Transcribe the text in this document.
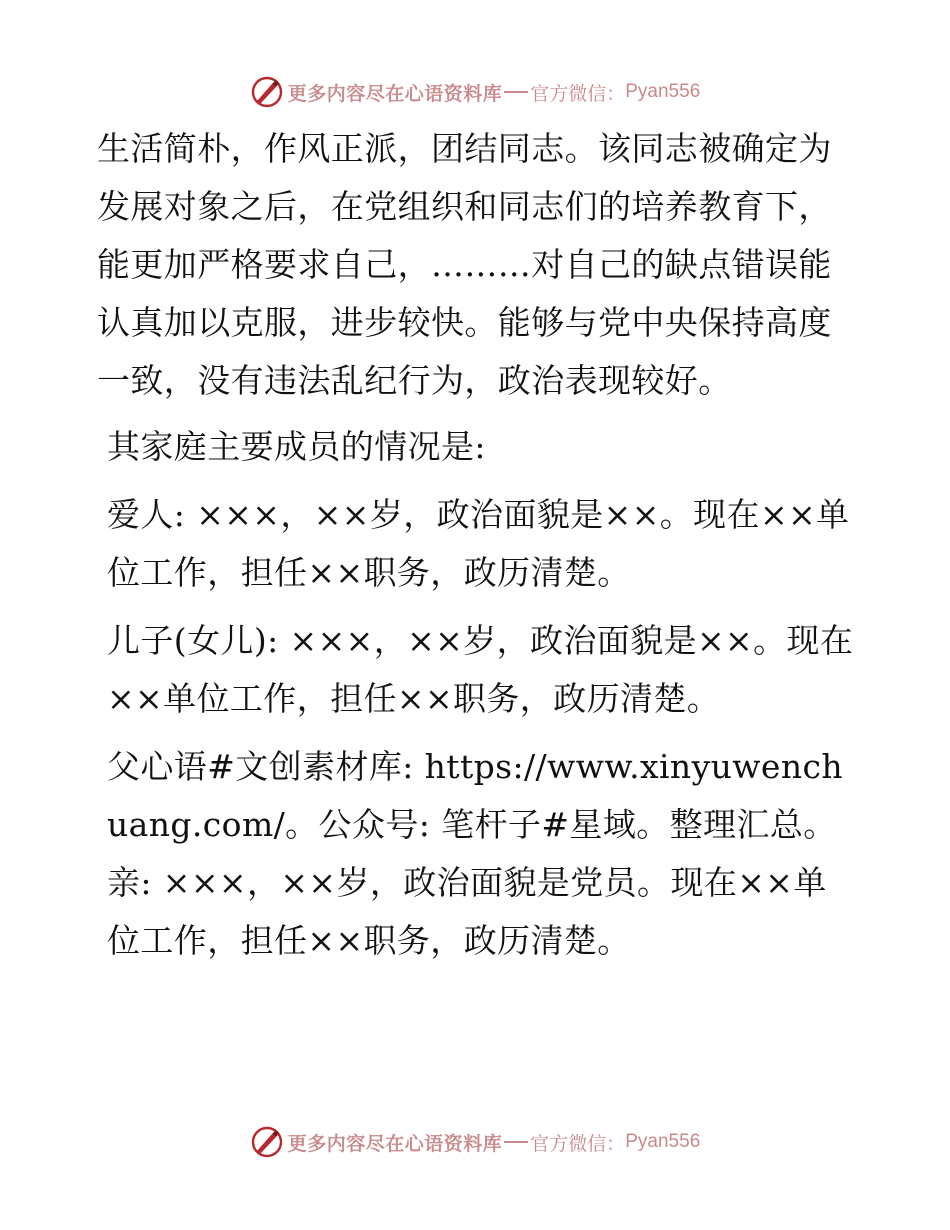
更多内容尽在心语资料库 官方微信： Pyan556

生活简朴，作风正派，团结同志。该同志被确定为发展对象之后，在党组织和同志们的培养教育下，能更加严格要求自己，………对自己的缺点错误能认真加以克服，进步较快。能够与党中央保持高度一致，没有违法乱纪行为，政治表现较好。

其家庭主要成员的情况是:

爱人: ×××，××岁，政治面貌是××。现在××单位工作，担任××职务，政历清楚。

儿子(女儿): ×××，××岁，政治面貌是××。现在××单位工作，担任××职务，政历清楚。

父心语#文创素材库: https://www.xinyuwenchuang.com/。公众号: 笔杆子#星域。整理汇总。亲: ×××，××岁，政治面貌是党员。现在××单位工作，担任××职务，政历清楚。

更多内容尽在心语资料库 官方微信： Pyan556
